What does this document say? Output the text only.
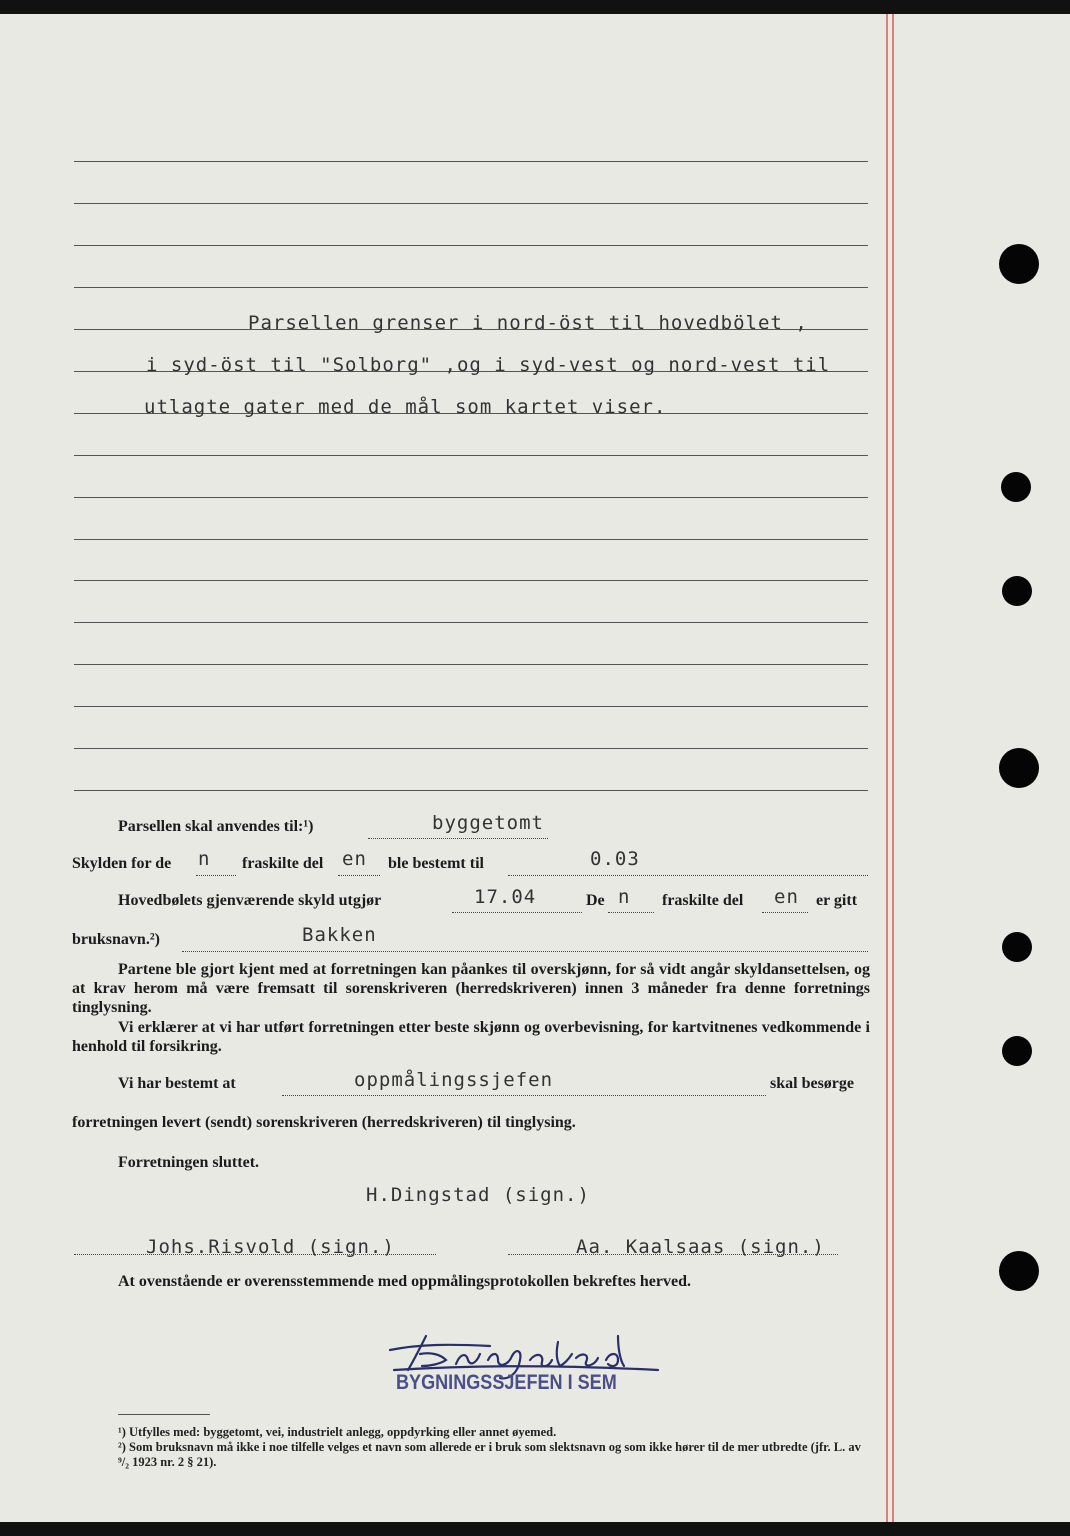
Parsellen grenser i nord-öst til hovedbölet ,
i syd-öst til "Solborg" ,og i syd-vest og nord-vest til
utlagte gater med de mål som kartet viser.
Parsellen skal anvendes til:¹)	byggetomt
Skylden for de n fraskilte del en ble bestemt til	0.03
Hovedbølets gjenværende skyld utgjør	17.04	De n fraskilte del en er gitt
bruksnavn.²)	Bakken
Partene ble gjort kjent med at forretningen kan påankes til overskjønn, for så vidt angår skyldansettelsen, og at krav herom må være fremsatt til sorenskriveren (herredskriveren) innen 3 måneder fra denne forretnings tinglysning.
Vi erklærer at vi har utført forretningen etter beste skjønn og overbevisning, for kartvitnenes vedkommende i henhold til forsikring.
Vi har bestemt at	oppmålingssjefen	skal besørge
forretningen levert (sendt) sorenskriveren (herredskriveren) til tinglysing.
Forretningen sluttet.
H.Dingstad (sign.)
Johs.Risvold (sign.)	Aa. Kaalsaas (sign.)
At ovenstående er overensstemmende med oppmålingsprotokollen bekreftes herved.
BYGNINGSSJEFEN I SEM
¹) Utfylles med: byggetomt, vei, industrielt anlegg, oppdyrking eller annet øyemed.
²) Som bruksnavn må ikke i noe tilfelle velges et navn som allerede er i bruk som slektsnavn og som ikke hører til de mer utbredte (jfr. L. av ⁹/₂ 1923 nr. 2 § 21).
